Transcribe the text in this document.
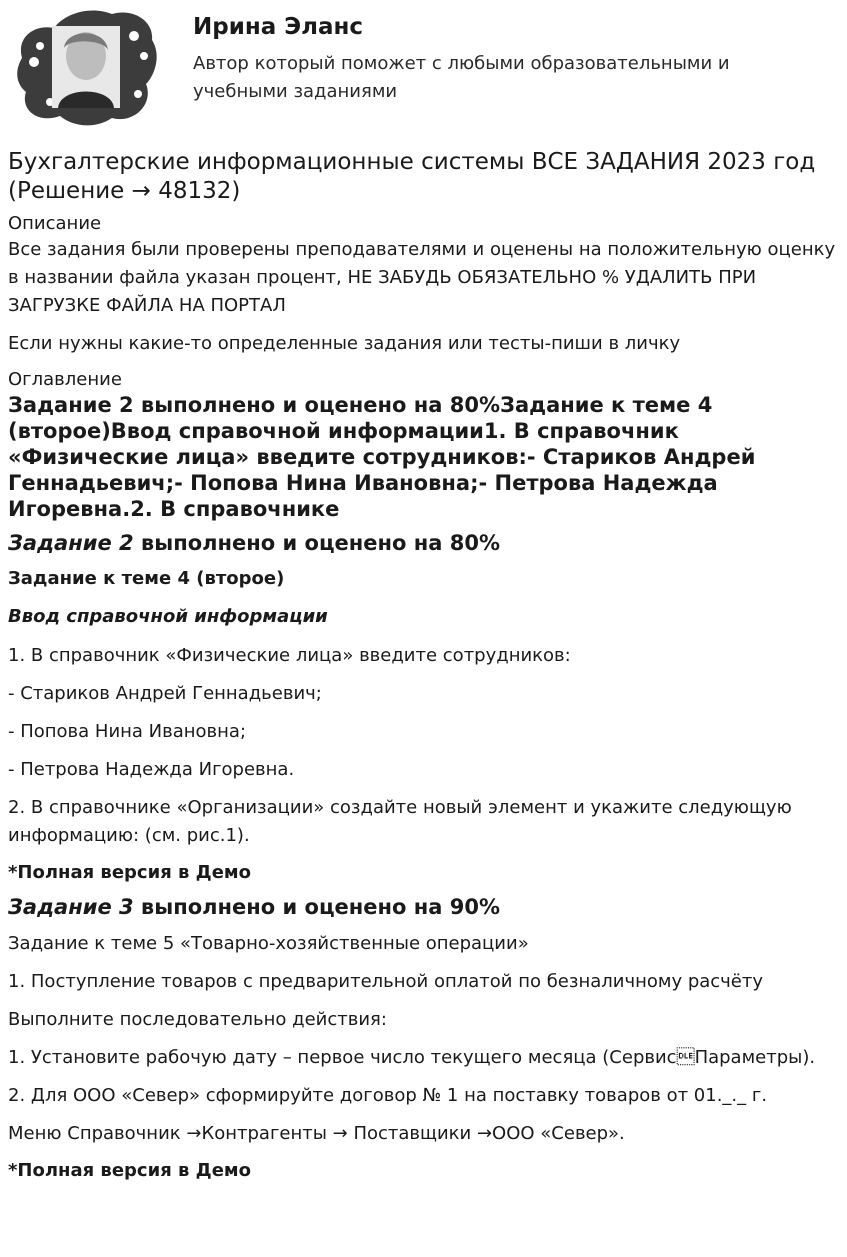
Ирина Эланс
Автор который поможет с любыми образовательными и учебными заданиями
Бухгалтерские информационные системы ВСЕ ЗАДАНИЯ 2023 год (Решение → 48132)
Описание

Все задания были проверены преподавателями и оценены на положительную оценку в названии файла указан процент, НЕ ЗАБУДЬ ОБЯЗАТЕЛЬНО % УДАЛИТЬ ПРИ ЗАГРУЗКЕ ФАЙЛА НА ПОРТАЛ

Если нужны какие-то определенные задания или тесты-пиши в личку

Оглавление
Задание 2 выполнено и оценено на 80%Задание к теме 4 (второе)Ввод справочной информации1. В справочник «Физические лица» введите сотрудников:- Стариков Андрей Геннадьевич;- Попова Нина Ивановна;- Петрова Надежда Игоревна.2. В справочнике
Задание 2 выполнено и оценено на 80%

Задание к теме 4 (второе)

Ввод справочной информации

1. В справочник «Физические лица» введите сотрудников:

- Стариков Андрей Геннадьевич;

- Попова Нина Ивановна;

- Петрова Надежда Игоревна.

2. В справочнике «Организации» создайте новый элемент и укажите следующую информацию: (см. рис.1).

*Полная версия в Демо

Задание 3 выполнено и оценено на 90%

Задание к теме 5 «Товарно-хозяйственные операции»

1. Поступление товаров с предварительной оплатой по безналичному расчёту

Выполните последовательно действия:

1. Установите рабочую дату – первое число текущего месяца (СервисПараметры).

2. Для ООО «Север» сформируйте договор № 1 на поставку товаров от 01._._ г.

Меню Справочник →Контрагенты → Поставщики →ООО «Север».

*Полная версия в Демо
